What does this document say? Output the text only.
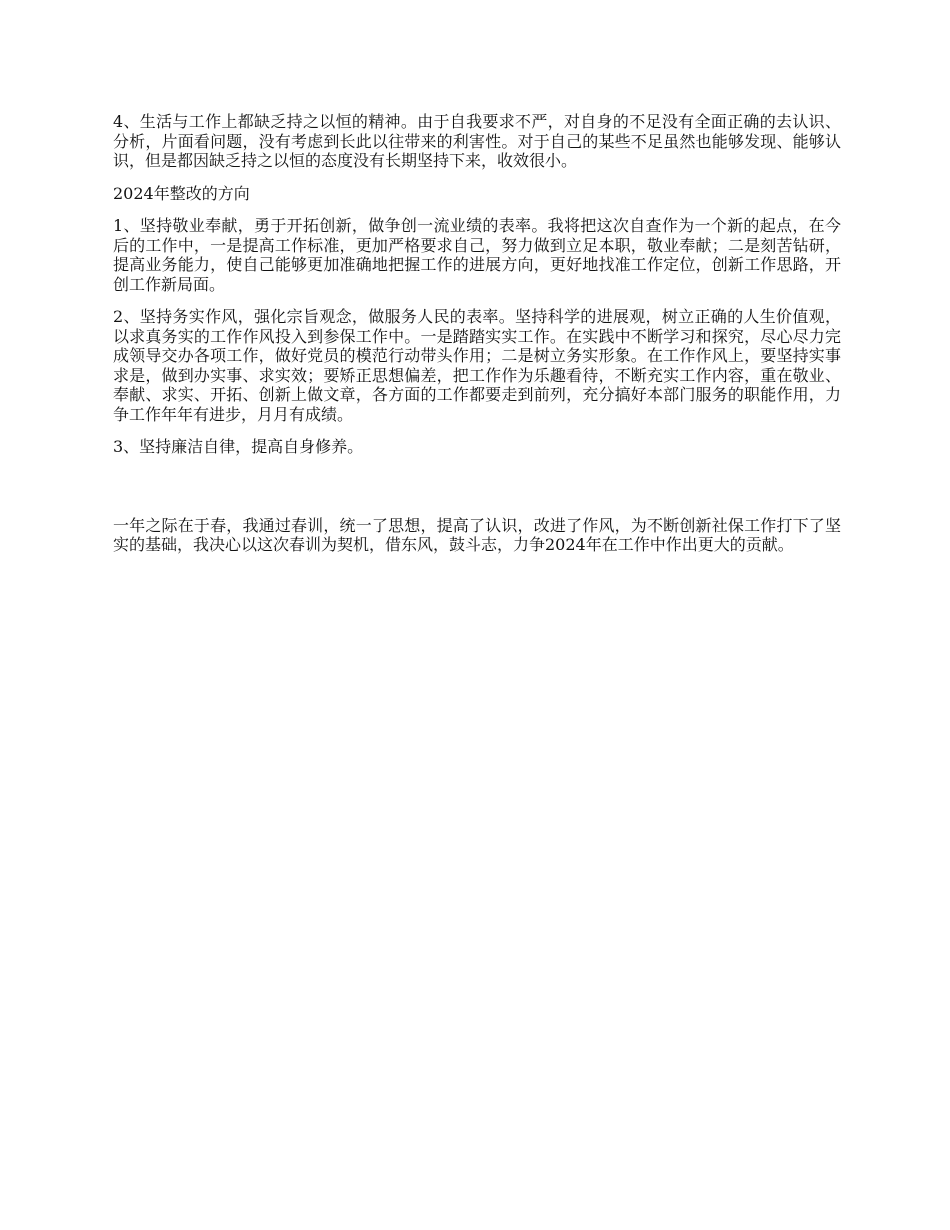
4、生活与工作上都缺乏持之以恒的精神。由于自我要求不严，对自身的不足没有全面正确的去认识、分析，片面看问题，没有考虑到长此以往带来的利害性。对于自己的某些不足虽然也能够发现、能够认识，但是都因缺乏持之以恒的态度没有长期坚持下来，收效很小。

2024年整改的方向

1、坚持敬业奉献，勇于开拓创新，做争创一流业绩的表率。我将把这次自查作为一个新的起点，在今后的工作中，一是提高工作标准，更加严格要求自己，努力做到立足本职，敬业奉献；二是刻苦钻研，提高业务能力，使自己能够更加准确地把握工作的进展方向，更好地找准工作定位，创新工作思路，开创工作新局面。

2、坚持务实作风，强化宗旨观念，做服务人民的表率。坚持科学的进展观，树立正确的人生价值观，以求真务实的工作作风投入到参保工作中。一是踏踏实实工作。在实践中不断学习和探究，尽心尽力完成领导交办各项工作，做好党员的模范行动带头作用；二是树立务实形象。在工作作风上，要坚持实事求是，做到办实事、求实效；要矫正思想偏差，把工作作为乐趣看待，不断充实工作内容，重在敬业、奉献、求实、开拓、创新上做文章，各方面的工作都要走到前列，充分搞好本部门服务的职能作用，力争工作年年有进步，月月有成绩。

3、坚持廉洁自律，提高自身修养。

一年之际在于春，我通过春训，统一了思想，提高了认识，改进了作风，为不断创新社保工作打下了坚实的基础，我决心以这次春训为契机，借东风，鼓斗志，力争2024年在工作中作出更大的贡献。
